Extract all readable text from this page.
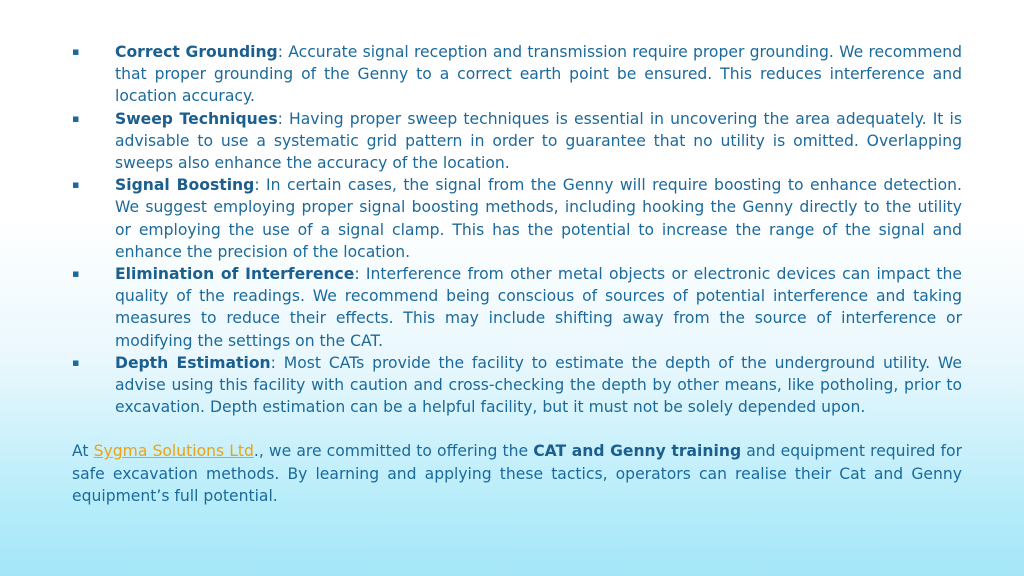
▪	Correct Grounding: Accurate signal reception and transmission require proper grounding. We recommend that proper grounding of the Genny to a correct earth point be ensured. This reduces interference and location accuracy.
▪	Sweep Techniques: Having proper sweep techniques is essential in uncovering the area adequately. It is advisable to use a systematic grid pattern in order to guarantee that no utility is omitted. Overlapping sweeps also enhance the accuracy of the location.
▪	Signal Boosting: In certain cases, the signal from the Genny will require boosting to enhance detection. We suggest employing proper signal boosting methods, including hooking the Genny directly to the utility or employing the use of a signal clamp. This has the potential to increase the range of the signal and enhance the precision of the location.
▪	Elimination of Interference: Interference from other metal objects or electronic devices can impact the quality of the readings. We recommend being conscious of sources of potential interference and taking measures to reduce their effects. This may include shifting away from the source of interference or modifying the settings on the CAT.
▪	Depth Estimation: Most CATs provide the facility to estimate the depth of the underground utility. We advise using this facility with caution and cross-checking the depth by other means, like potholing, prior to excavation. Depth estimation can be a helpful facility, but it must not be solely depended upon.

At Sygma Solutions Ltd., we are committed to offering the CAT and Genny training and equipment required for safe excavation methods. By learning and applying these tactics, operators can realise their Cat and Genny equipment’s full potential.
